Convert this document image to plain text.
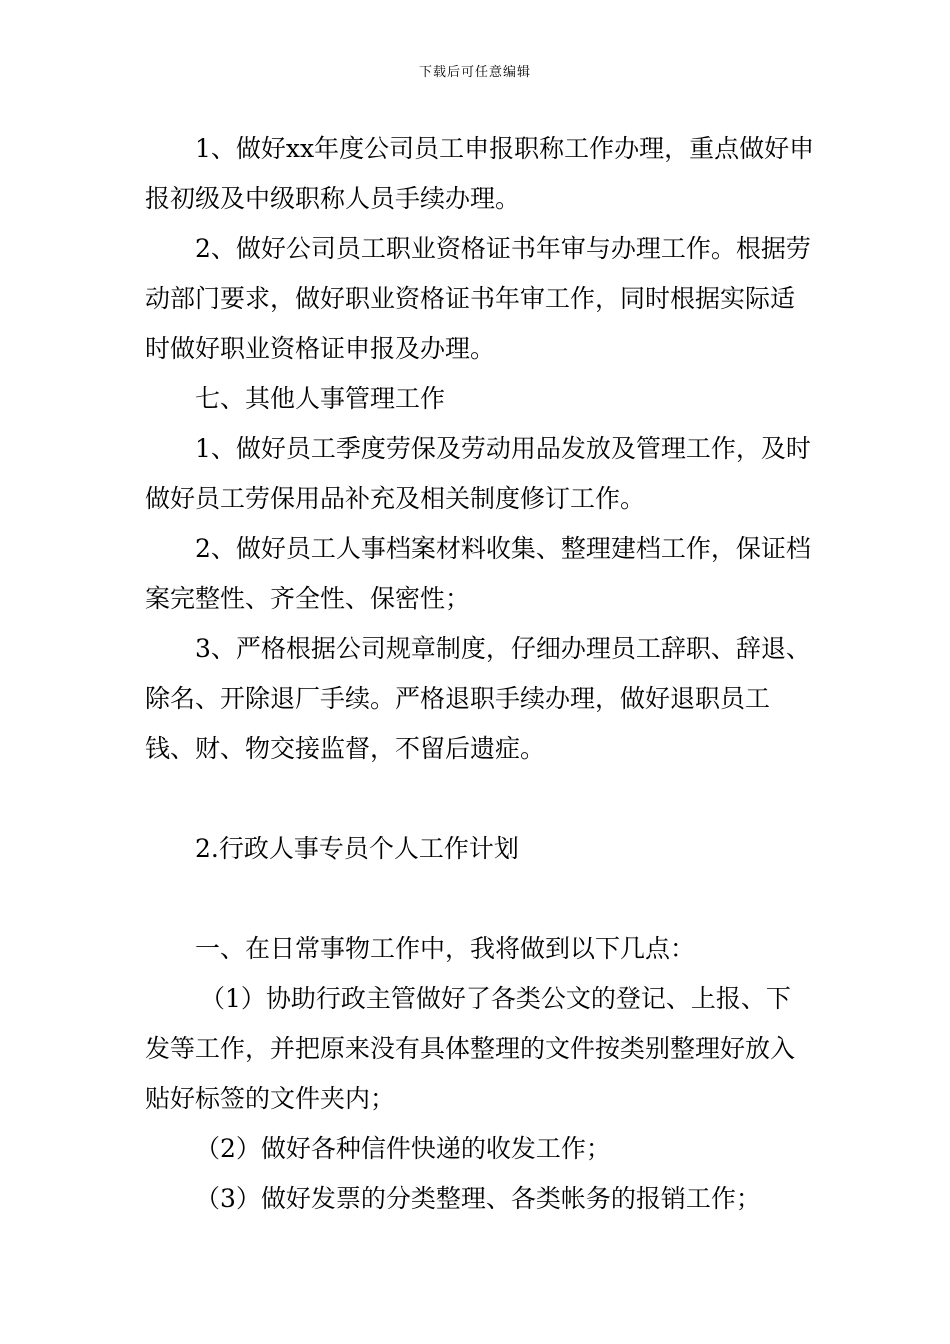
下载后可任意编辑

1、做好xx年度公司员工申报职称工作办理，重点做好申报初级及中级职称人员手续办理。

2、做好公司员工职业资格证书年审与办理工作。根据劳动部门要求，做好职业资格证书年审工作，同时根据实际适时做好职业资格证申报及办理。

七、其他人事管理工作

1、做好员工季度劳保及劳动用品发放及管理工作，及时做好员工劳保用品补充及相关制度修订工作。

2、做好员工人事档案材料收集、整理建档工作，保证档案完整性、齐全性、保密性；

3、严格根据公司规章制度，仔细办理员工辞职、辞退、除名、开除退厂手续。严格退职手续办理，做好退职员工钱、财、物交接监督，不留后遗症。

2.行政人事专员个人工作计划

一、在日常事物工作中，我将做到以下几点：

（1）协助行政主管做好了各类公文的登记、上报、下发等工作，并把原来没有具体整理的文件按类别整理好放入贴好标签的文件夹内；

（2）做好各种信件快递的收发工作；

（3）做好发票的分类整理、各类帐务的报销工作；
